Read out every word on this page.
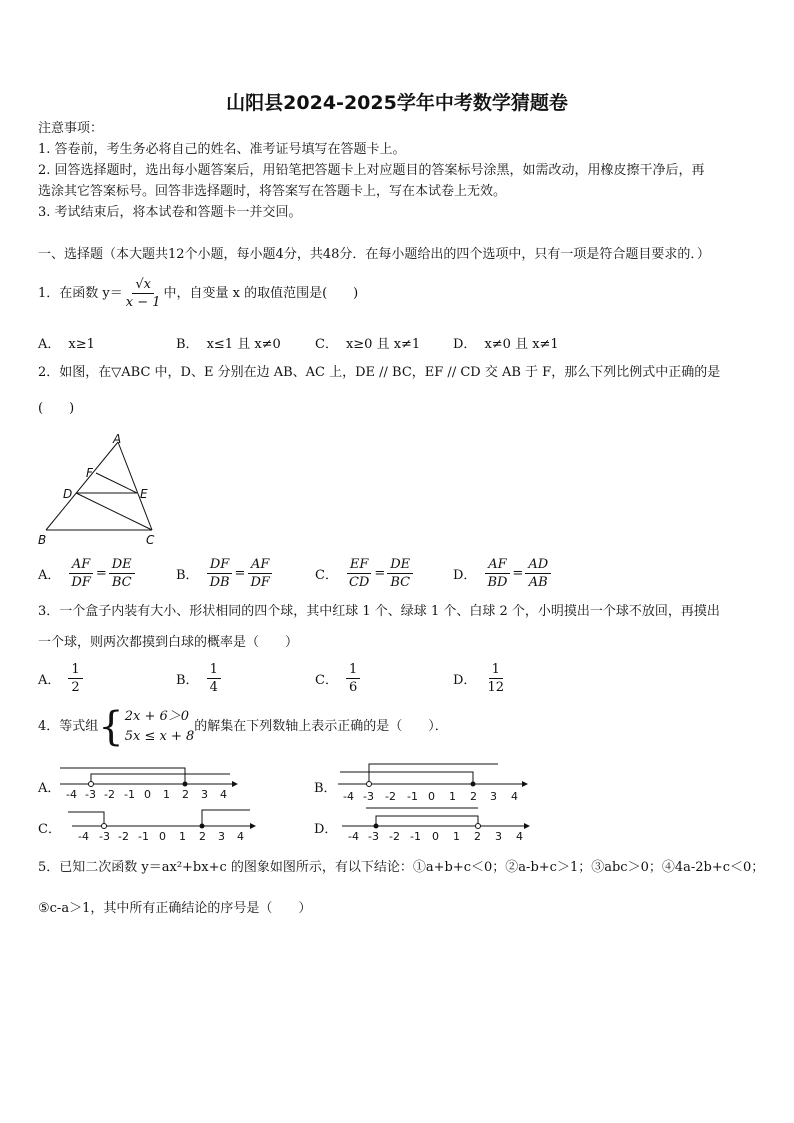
山阳县2024-2025学年中考数学猜题卷
注意事项：
1. 答卷前，考生务必将自己的姓名、准考证号填写在答题卡上。
2. 回答选择题时，选出每小题答案后，用铅笔把答题卡上对应题目的答案标号涂黑，如需改动，用橡皮擦干净后，再
选涂其它答案标号。回答非选择题时，将答案写在答题卡上，写在本试卷上无效。
3. 考试结束后，将本试卷和答题卡一并交回。
一、选择题（本大题共12个小题，每小题4分，共48分．在每小题给出的四个选项中，只有一项是符合题目要求的．）
1．在函数 $y= \frac{√x}{x - 1}$ 中，自变量 x 的取值范围是(　　)
A． x≥1	B． x≤1 且 x≠0	C． x≥0 且 x≠1	D． x≠0 且 x≠1
2．如图，在▽ABC 中，D、E 分别在边 AB、AC 上，DE // BC，EF // CD 交 AB 于 F，那么下列比例式中正确的是
(　　)
A
B	C
D	E
F
A． $\frac{AF}{DF} = \frac{DE}{BC}$	B． $\frac{DF}{DB} = \frac{AF}{DF}$	C． $\frac{EF}{CD} = \frac{DE}{BC}$	D． $\frac{AF}{BD} = \frac{AD}{AB}$
3．一个盒子内装有大小、形状相同的四个球，其中红球 1 个、绿球 1 个、白球 2 个，小明摸出一个球不放回，再摸出
一个球，则两次都摸到白球的概率是（　　）
A． $\frac{1}{2}$	B． $\frac{1}{4}$	C． $\frac{1}{6}$	D． $\frac{1}{12}$
4．等式组 { 2x + 6＞0
5x ≤ x + 8
的解集在下列数轴上表示正确的是（　　）．
A．	B．
C．	D．
-4 -3 -2 -1 0 1 2 3 4	-4 -3 -2 -1 0 1 2 3 4
-4 -3 -2 -1 0 1 2 3 4	-4 -3 -2 -1 0 1 2 3 4
5．已知二次函数 y＝ax²+bx+c 的图象如图所示，有以下结论：①a+b+c＜0；②a-b+c＞1；③abc＞0；④4a-2b+c＜0；
⑤c-a＞1，其中所有正确结论的序号是（　　）
